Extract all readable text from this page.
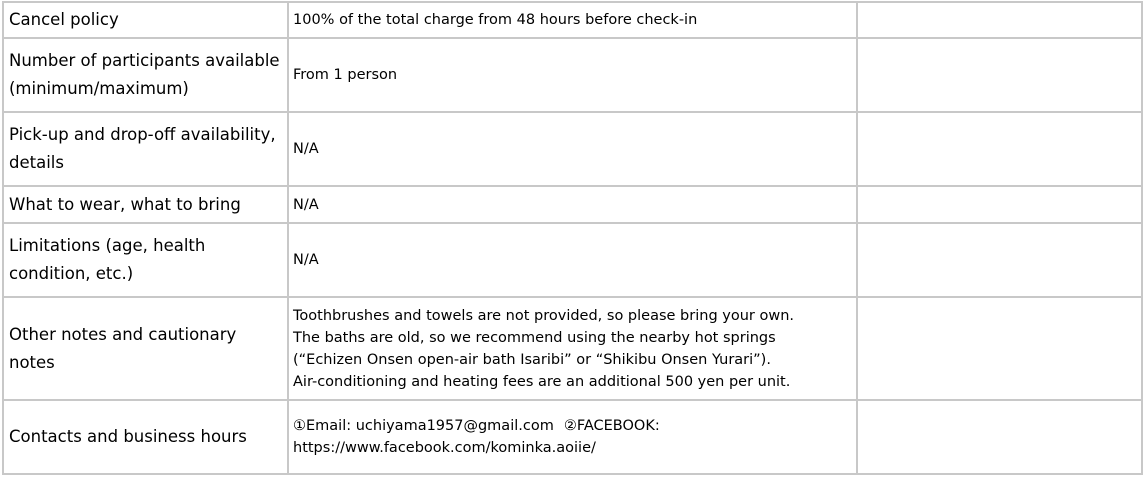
Cancel policy	100% of the total charge from 48 hours before check-in	

Number of participants available (minimum/maximum)	From 1 person	

Pick-up and drop-off availability, details	N/A	

What to wear, what to bring	N/A	

Limitations (age, health condition, etc.)	N/A	

Other notes and cautionary notes	Toothbrushes and towels are not provided, so please bring your own.
The baths are old, so we recommend using the nearby hot springs
(“Echizen Onsen open-air bath Isaribi” or “Shikibu Onsen Yurari”).
Air-conditioning and heating fees are an additional 500 yen per unit.	

Contacts and business hours	①Email: uchiyama1957@gmail.com ②FACEBOOK:
https://www.facebook.com/kominka.aoiie/	
